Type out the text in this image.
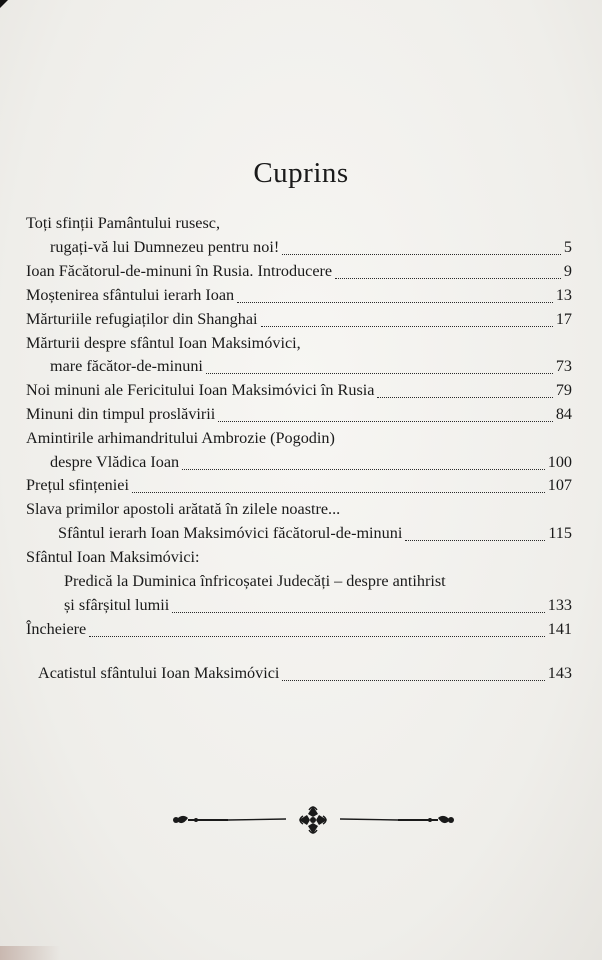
Cuprins
Toți sfinții Pamântului rusesc,
rugați-vă lui Dumnezeu pentru noi!	5
Ioan Făcătorul-de-minuni în Rusia. Introducere	9
Moștenirea sfântului ierarh Ioan	13
Mărturiile refugiaților din Shanghai	17
Mărturii despre sfântul Ioan Maksimóvici,
mare făcător-de-minuni	73
Noi minuni ale Fericitului Ioan Maksimóvici în Rusia	79
Minuni din timpul proslăvirii	84
Amintirile arhimandritului Ambrozie (Pogodin)
despre Vlădica Ioan	100
Prețul sfințeniei	107
Slava primilor apostoli arătată în zilele noastre...
Sfântul ierarh Ioan Maksimóvici făcătorul-de-minuni	115
Sfântul Ioan Maksimóvici:
Predică la Duminica înfricoșatei Judecăți – despre antihrist
și sfârșitul lumii	133
Încheiere	141
Acatistul sfântului Ioan Maksimóvici	143
